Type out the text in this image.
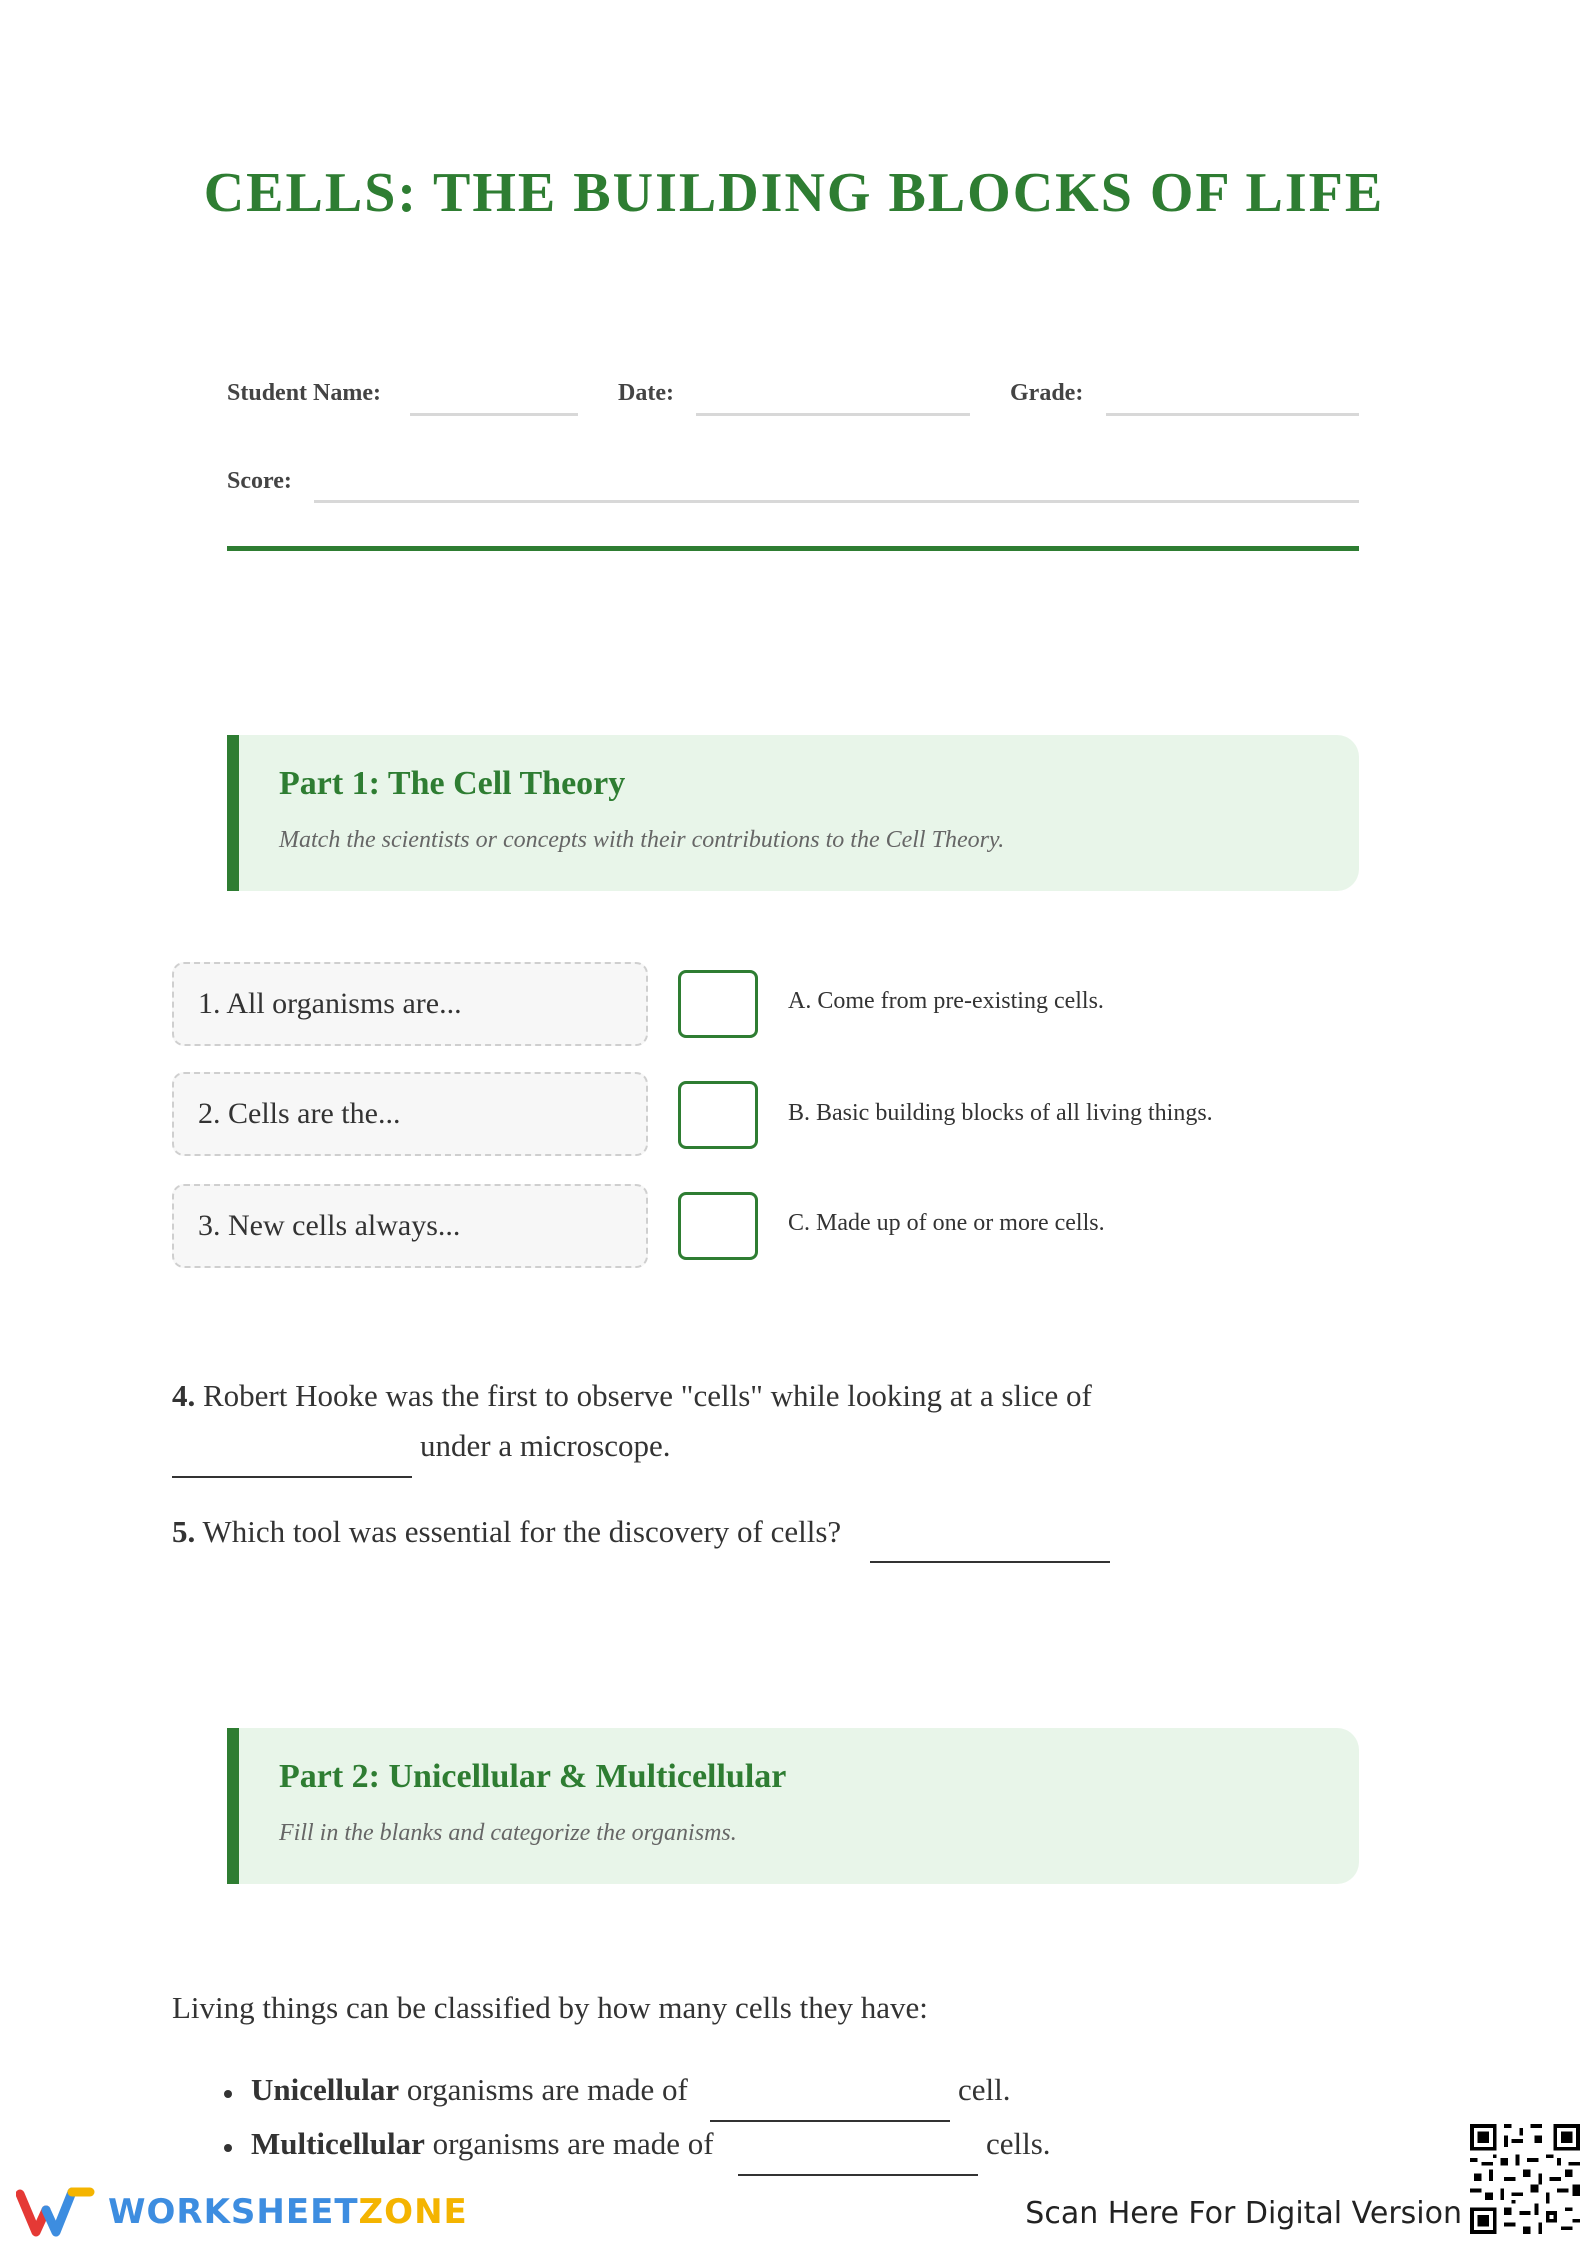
CELLS: THE BUILDING BLOCKS OF LIFE
Student Name:	Date:	Grade:
Score:
Part 1: The Cell Theory
Match the scientists or concepts with their contributions to the Cell Theory.
1. All organisms are...	A. Come from pre-existing cells.
2. Cells are the...	B. Basic building blocks of all living things.
3. New cells always...	C. Made up of one or more cells.
4. Robert Hooke was the first to observe "cells" while looking at a slice of
under a microscope.
5. Which tool was essential for the discovery of cells?
Part 2: Unicellular & Multicellular
Fill in the blanks and categorize the organisms.
Living things can be classified by how many cells they have:
Unicellular organisms are made of	cell.
Multicellular organisms are made of	cells.
WORKSHEETZONE	Scan Here For Digital Version
